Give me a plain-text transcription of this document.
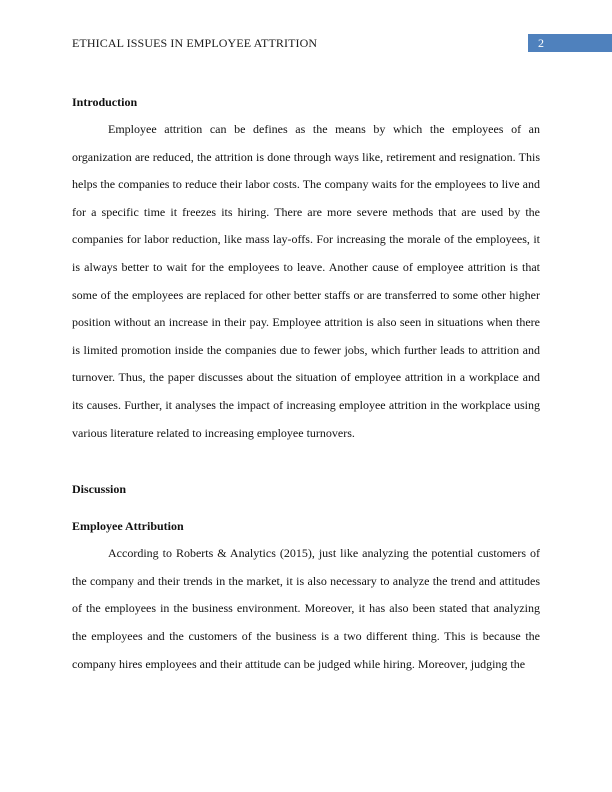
ETHICAL ISSUES IN EMPLOYEE ATTRITION	2
Introduction

Employee attrition can be defines as the means by which the employees of an organization are reduced, the attrition is done through ways like, retirement and resignation. This helps the companies to reduce their labor costs. The company waits for the employees to live and for a specific time it freezes its hiring. There are more severe methods that are used by the companies for labor reduction, like mass lay-offs. For increasing the morale of the employees, it is always better to wait for the employees to leave. Another cause of employee attrition is that some of the employees are replaced for other better staffs or are transferred to some other higher position without an increase in their pay. Employee attrition is also seen in situations when there is limited promotion inside the companies due to fewer jobs, which further leads to attrition and turnover. Thus, the paper discusses about the situation of employee attrition in a workplace and its causes. Further, it analyses the impact of increasing employee attrition in the workplace using various literature related to increasing employee turnovers.

Discussion
Employee Attribution

According to Roberts & Analytics (2015), just like analyzing the potential customers of the company and their trends in the market, it is also necessary to analyze the trend and attitudes of the employees in the business environment. Moreover, it has also been stated that analyzing the employees and the customers of the business is a two different thing. This is because the company hires employees and their attitude can be judged while hiring. Moreover, judging the
